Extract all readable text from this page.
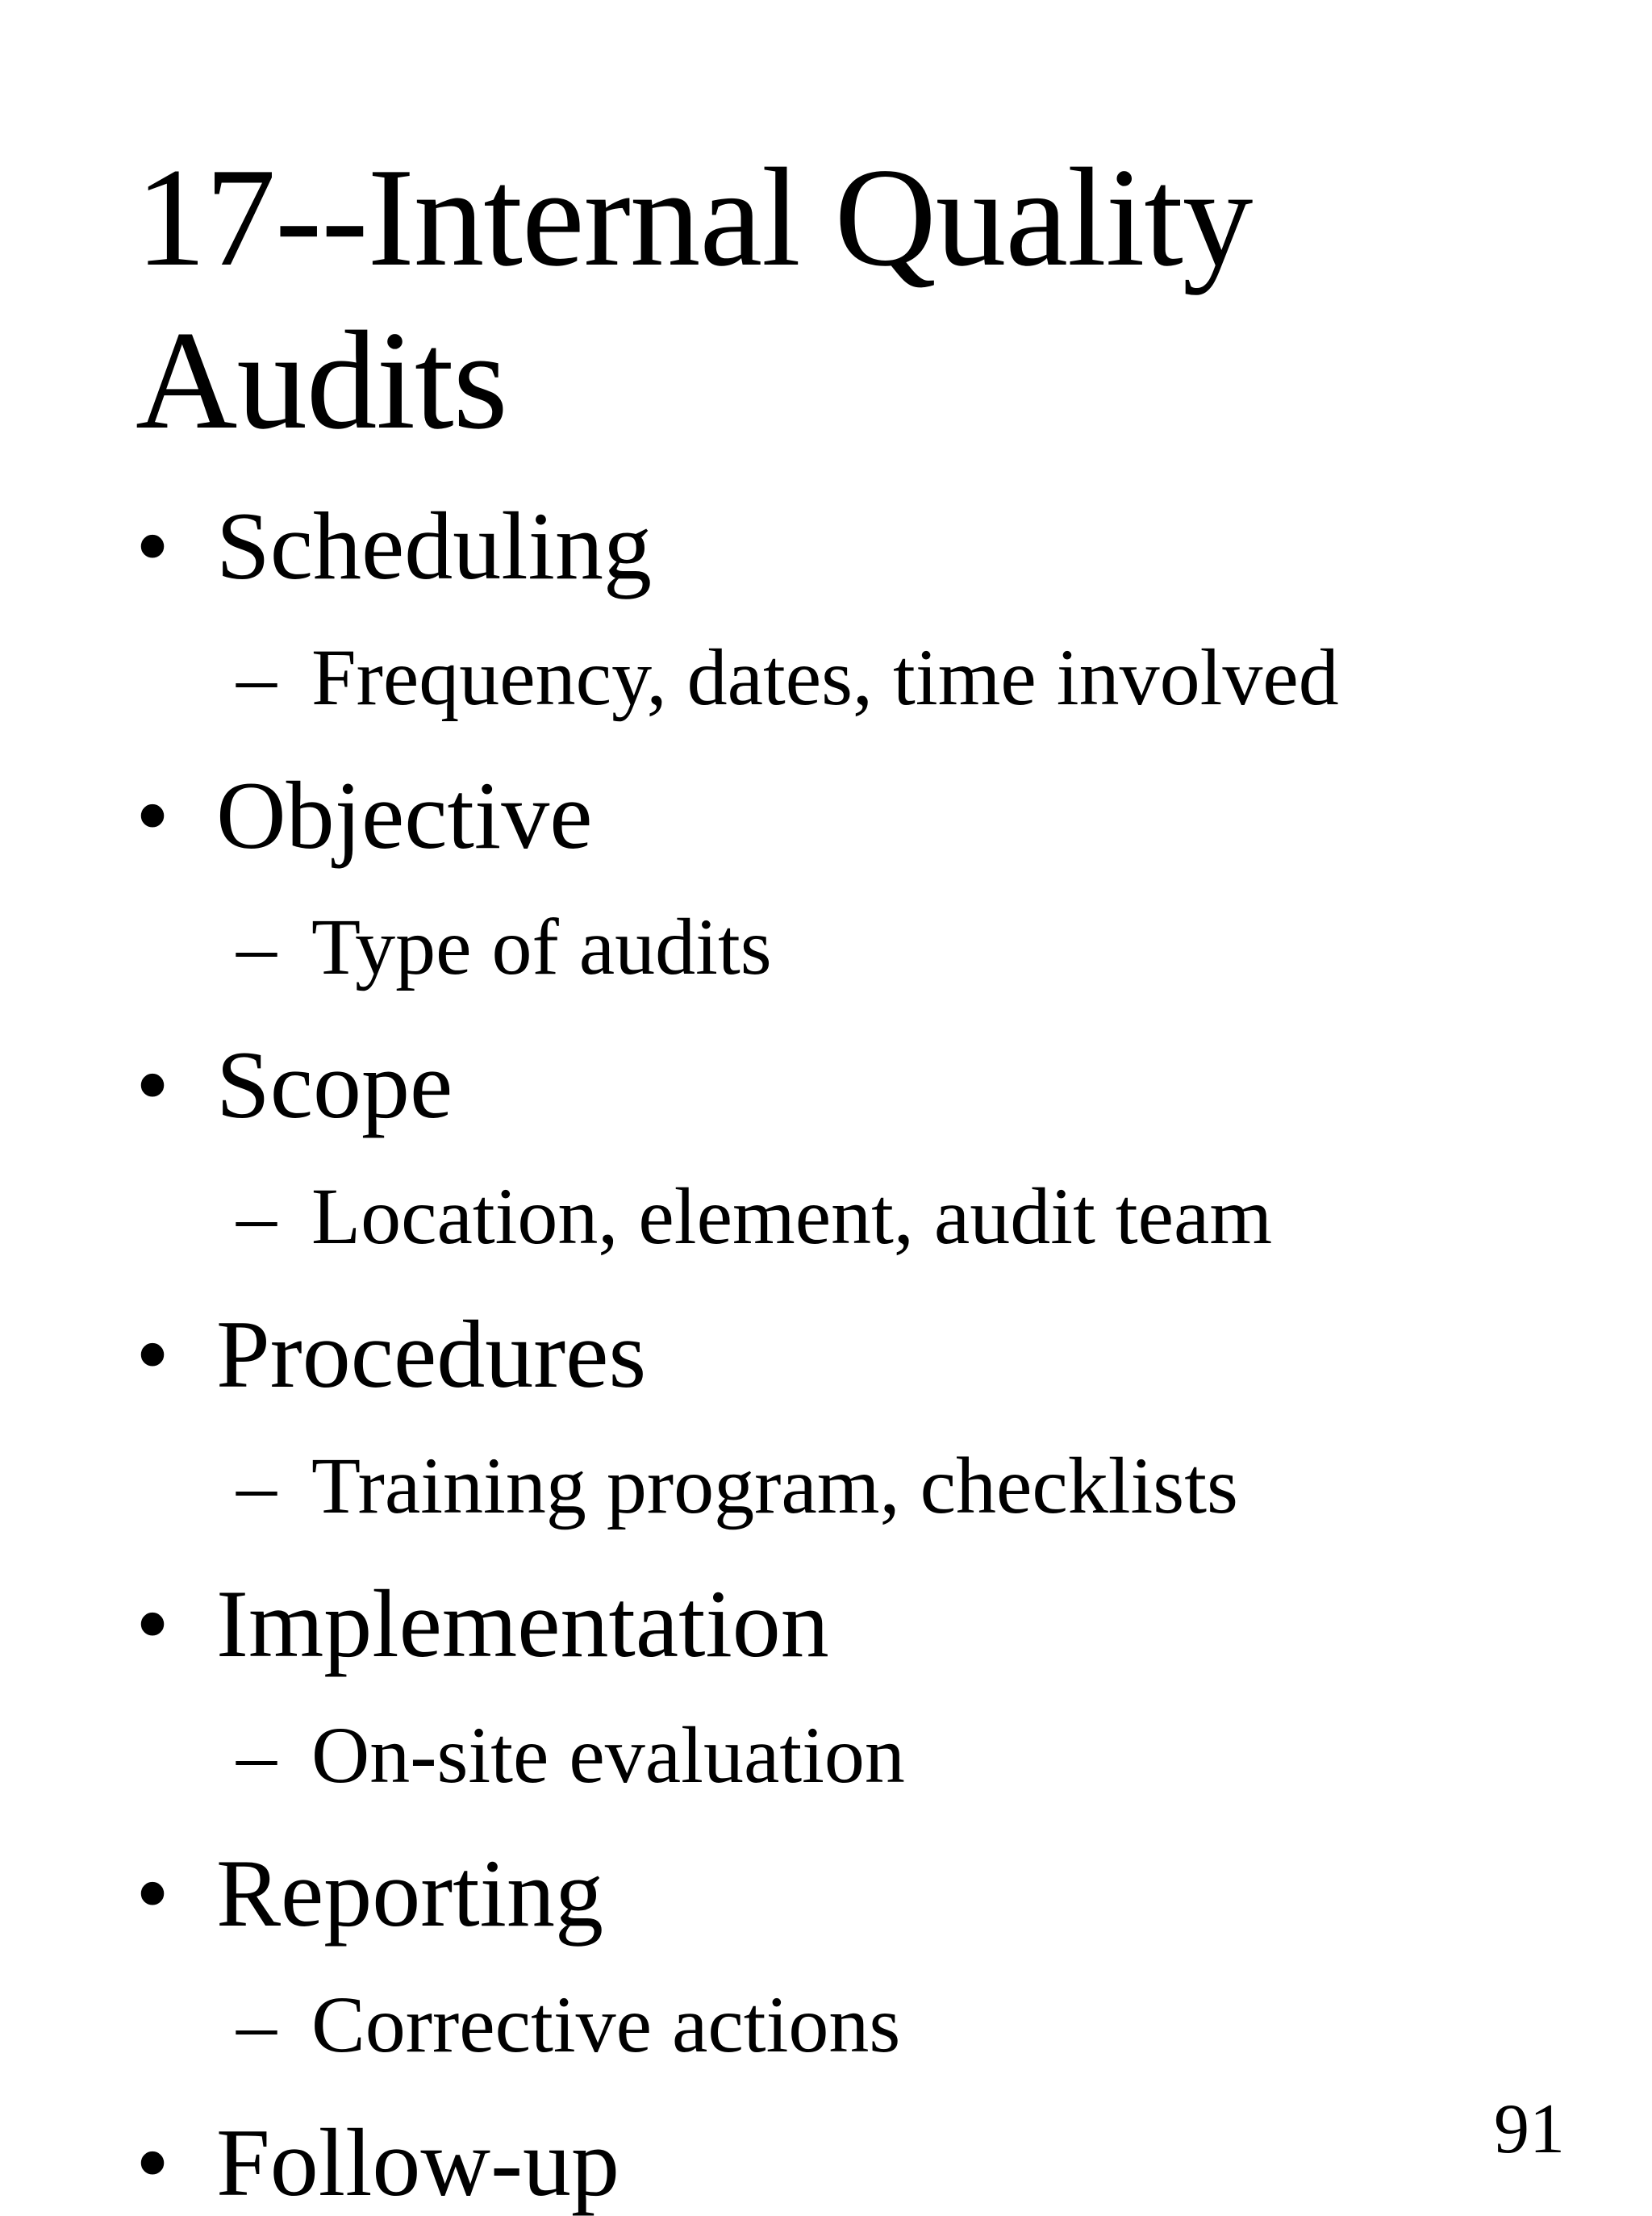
17--Internal Quality
Audits
• Scheduling
– Frequency, dates, time involved
• Objective
– Type of audits
• Scope
– Location, element, audit team
• Procedures
– Training program, checklists
• Implementation
– On-site evaluation
• Reporting
– Corrective actions
• Follow-up	91
